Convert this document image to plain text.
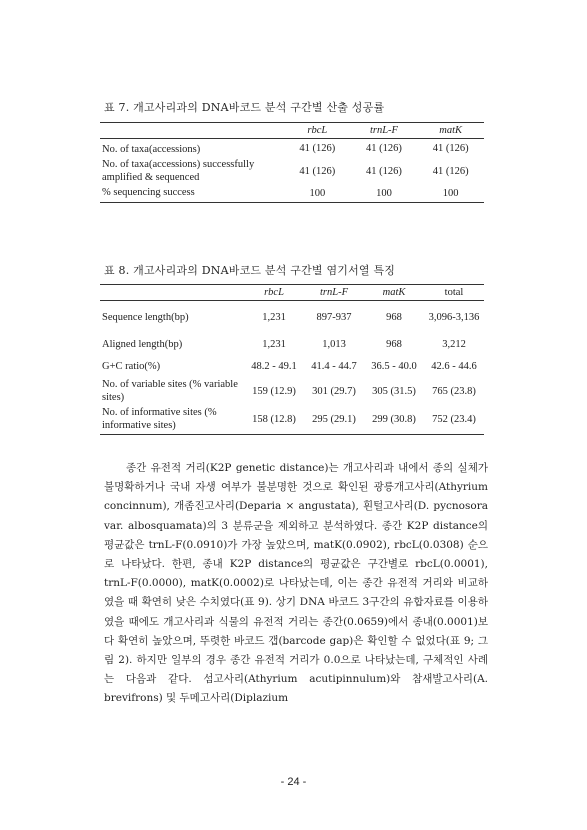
표 7. 개고사리과의 DNA바코드 분석 구간별 산출 성공률
	rbcL	trnL-F	matK
No. of taxa(accessions)	41 (126)	41 (126)	41 (126)
No. of taxa(accessions) successfully amplified & sequenced	41 (126)	41 (126)	41 (126)
% sequencing success	100	100	100
표 8. 개고사리과의 DNA바코드 분석 구간별 염기서열 특징
	rbcL	trnL-F	matK	total
Sequence length(bp)	1,231	897-937	968	3,096-3,136
Aligned length(bp)	1,231	1,013	968	3,212
G+C ratio(%)	48.2 - 49.1	41.4 - 44.7	36.5 - 40.0	42.6 - 44.6
No. of variable sites (% variable sites)	159 (12.9)	301 (29.7)	305 (31.5)	765 (23.8)
No. of informative sites (% informative sites)	158 (12.8)	295 (29.1)	299 (30.8)	752 (23.4)

종간 유전적 거리(K2P genetic distance)는 개고사리과 내에서 종의 실체가 불명확하거나 국내 자생 여부가 불분명한 것으로 확인된 광릉개고사리(Athyrium concinnum), 개좀진고사리(Deparia × angustata), 흰털고사리(D. pycnosora var. albosquamata)의 3 분류군을 제외하고 분석하였다. 종간 K2P distance의 평균값은 trnL-F(0.0910)가 가장 높았으며, matK(0.0902), rbcL(0.0308) 순으로 나타났다. 한편, 종내 K2P distance의 평균값은 구간별로 rbcL(0.0001), trnL-F(0.0000), matK(0.0002)로 나타났는데, 이는 종간 유전적 거리와 비교하였을 때 확연히 낮은 수치였다(표 9). 상기 DNA 바코드 3구간의 유합자료를 이용하였을 때에도 개고사리과 식물의 유전적 거리는 종간(0.0659)에서 종내(0.0001)보다 확연히 높았으며, 뚜렷한 바코드 갭(barcode gap)은 확인할 수 없었다(표 9; 그림 2). 하지만 일부의 경우 종간 유전적 거리가 0.0으로 나타났는데, 구체적인 사례는 다음과 같다. 섬고사리(Athyrium acutipinnulum)와 참새발고사리(A. brevifrons) 및 두메고사리(Diplazium

- 24 -
